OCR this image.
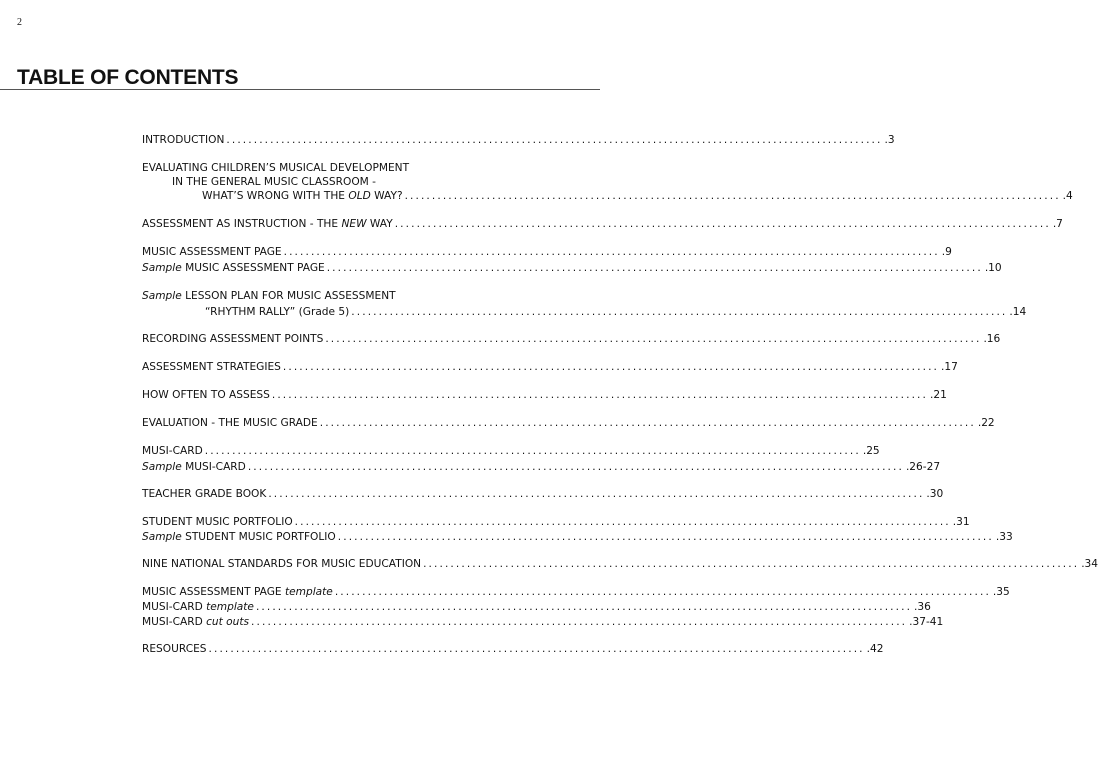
2
TABLE OF CONTENTS
INTRODUCTION ........................................................................................................................ .3
EVALUATING CHILDREN’S MUSICAL DEVELOPMENT
IN THE GENERAL MUSIC CLASSROOM -
WHAT’S WRONG WITH THE OLD WAY? ........................................................................................................................ .4
ASSESSMENT AS INSTRUCTION - THE NEW WAY ........................................................................................................................ .7
MUSIC ASSESSMENT PAGE ........................................................................................................................ .9
Sample MUSIC ASSESSMENT PAGE ........................................................................................................................ .10
Sample LESSON PLAN FOR MUSIC ASSESSMENT
“RHYTHM RALLY” (Grade 5) ........................................................................................................................ .14
RECORDING ASSESSMENT POINTS ........................................................................................................................ .16
ASSESSMENT STRATEGIES ........................................................................................................................ .17
HOW OFTEN TO ASSESS ........................................................................................................................ .21
EVALUATION - THE MUSIC GRADE ........................................................................................................................ .22
MUSI-CARD ........................................................................................................................ .25
Sample MUSI-CARD ........................................................................................................................ .26-27
TEACHER GRADE BOOK ........................................................................................................................ .30
STUDENT MUSIC PORTFOLIO ........................................................................................................................ .31
Sample STUDENT MUSIC PORTFOLIO ........................................................................................................................ .33
NINE NATIONAL STANDARDS FOR MUSIC EDUCATION ........................................................................................................................ .34
MUSIC ASSESSMENT PAGE template ........................................................................................................................ .35
MUSI-CARD template ........................................................................................................................ .36
MUSI-CARD cut outs ........................................................................................................................ .37-41
RESOURCES ........................................................................................................................ .42
